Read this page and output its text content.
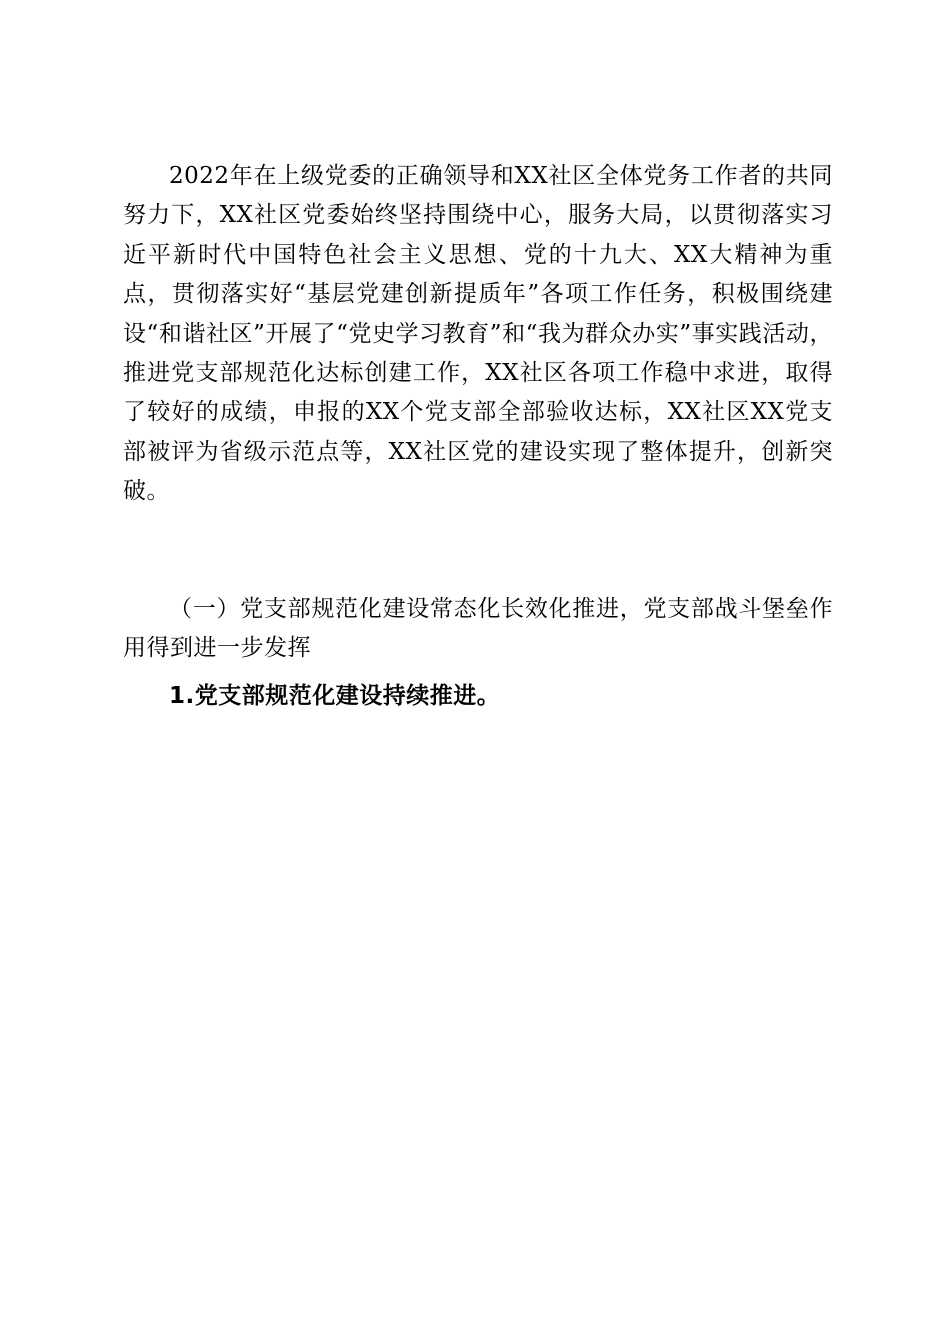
2022年在上级党委的正确领导和XX社区全体党务工作者的共同努力下，XX社区党委始终坚持围绕中心，服务大局，以贯彻落实习近平新时代中国特色社会主义思想、党的十九大、XX大精神为重点，贯彻落实好“基层党建创新提质年”各项工作任务，积极围绕建设“和谐社区”开展了“党史学习教育”和“我为群众办实”事实践活动，推进党支部规范化达标创建工作，XX社区各项工作稳中求进，取得了较好的成绩，申报的XX个党支部全部验收达标，XX社区XX党支部被评为省级示范点等，XX社区党的建设实现了整体提升，创新突破。

（一）党支部规范化建设常态化长效化推进，党支部战斗堡垒作用得到进一步发挥

1.党支部规范化建设持续推进。
